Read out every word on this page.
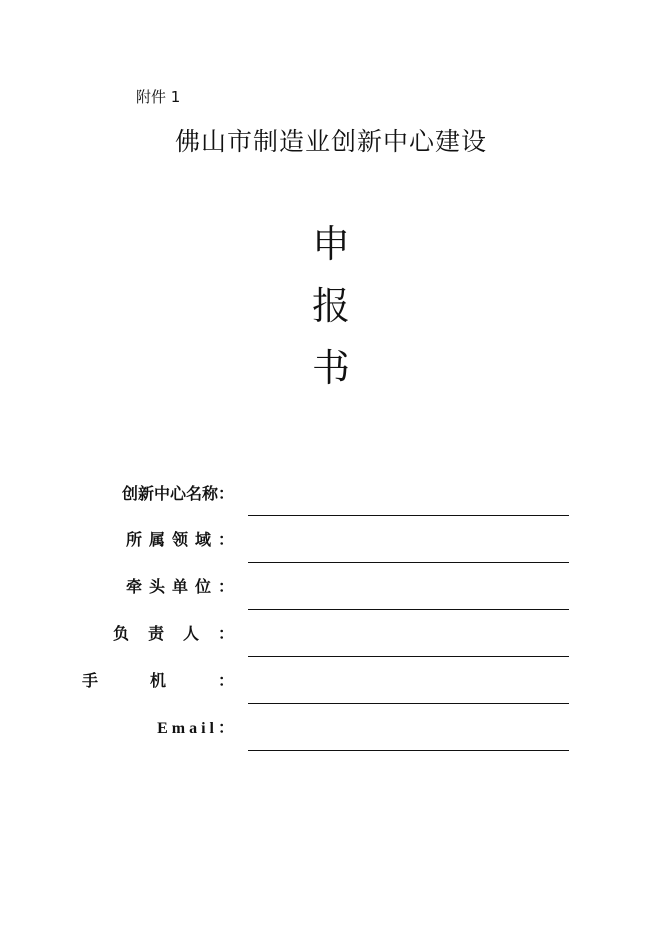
附件 1
佛山市制造业创新中心建设
申
报
书
创新中心名称：
所属领域：
牵头单位：
负责人：
手机：
Email：
